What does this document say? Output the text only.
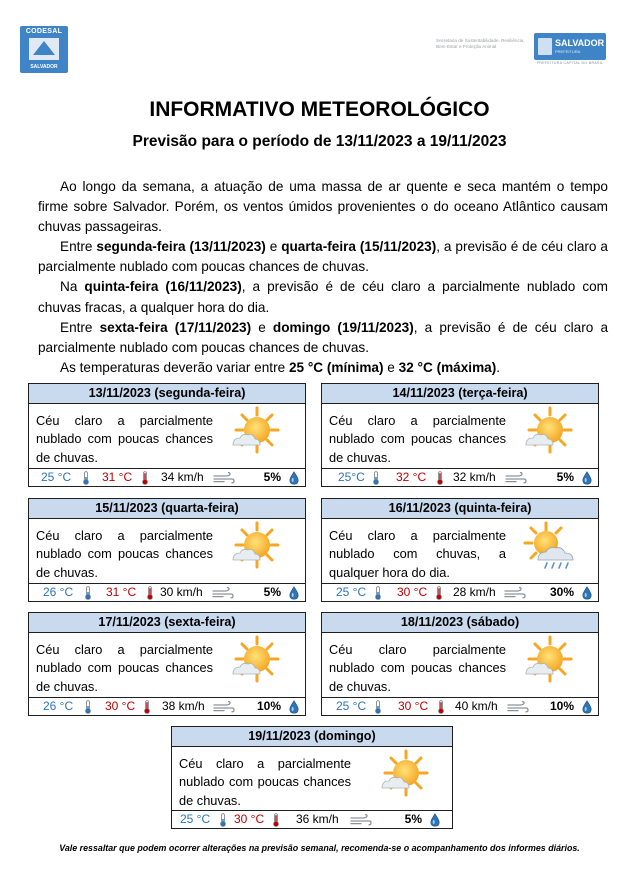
CODESAL
SALVADOR
Secretaria de Sustentabilidade, Resiliência, Bem-Estar e Proteção Animal	SALVADOR
PREFEITURA
PREFEITURA CAPITAL DO BRASIL
INFORMATIVO METEOROLÓGICO
Previsão para o período de 13/11/2023 a 19/11/2023

Ao longo da semana, a atuação de uma massa de ar quente e seca mantém o tempo firme sobre Salvador. Porém, os ventos úmidos provenientes o do oceano Atlântico causam chuvas passageiras.

Entre segunda-feira (13/11/2023) e quarta-feira (15/11/2023), a previsão é de céu claro a parcialmente nublado com poucas chances de chuvas.

Na quinta-feira (16/11/2023), a previsão é de céu claro a parcialmente nublado com chuvas fracas, a qualquer hora do dia.

Entre sexta-feira (17/11/2023) e domingo (19/11/2023), a previsão é de céu claro a parcialmente nublado com poucas chances de chuvas.

As temperaturas deverão variar entre 25 °C (mínima) e 32 °C (máxima).

13/11/2023 (segunda-feira)
Céu claro a parcialmente nublado com poucas chances de chuvas.
25 °C	31 °C 34 km/h	5%
14/11/2023 (terça-feira)
Céu claro a parcialmente nublado com poucas chances de chuvas.
25°C	32 °C 32 km/h	5%
15/11/2023 (quarta-feira)
Céu claro a parcialmente nublado com poucas chances de chuvas.
26 °C	31 °C 30 km/h	5%
16/11/2023 (quinta-feira)
Céu claro a parcialmente nublado com chuvas, a qualquer hora do dia.
25 °C	30 °C 28 km/h	30%
17/11/2023 (sexta-feira)
Céu claro a parcialmente nublado com poucas chances de chuvas.
26 °C	30 °C 38 km/h	10%
18/11/2023 (sábado)
Céu claro parcialmente nublado com poucas chances de chuvas.
25 °C	30 °C 40 km/h	10%
19/11/2023 (domingo)
Céu claro a parcialmente nublado com poucas chances de chuvas.
25 °C 30 °C	36 km/h	5%
Vale ressaltar que podem ocorrer alterações na previsão semanal, recomenda-se o acompanhamento dos informes diários.
